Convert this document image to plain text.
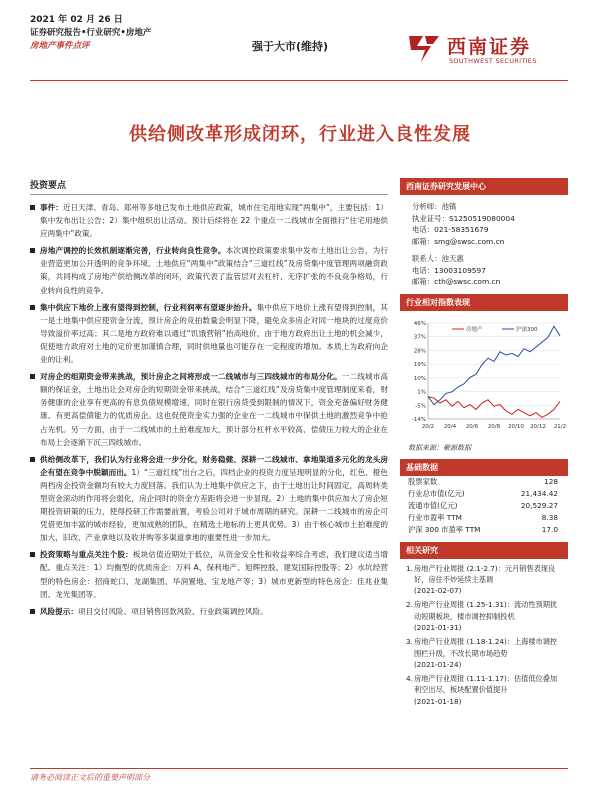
2021 年 02 月 26 日
证券研究报告•行业研究•房地产
房地产事件点评	强于大市(维持)	西南证券
SOUTHWEST SECURITIES
供给侧改革形成闭环，行业进入良性发展
投资要点
事件：近日天津、青岛、郑州等多地已发布土地供应政策，城市住宅用地实现“两集中”，主要包括：1）集中发布出让公告；2）集中组织出让活动。预计后续将在 22 个重点一二线城市全面推行“住宅用地供应两集中”政策。
房地产调控的长效机制逐渐完善，行业转向良性竞争。本次调控政策要求集中发布土地出让公告，为行业营造更加公开透明的竞争环境。土地供应“两集中”政策结合“三道红线”及房贷集中度管理两项融资政策，共同构成了房地产供给侧改革的闭环，政策代表了监管层对去杠杆、无序扩张的不良竞争格局，行业转向良性的竞争。
集中供应下地价上涨有望得到控制，行业利润率有望逐步抬升。集中供应下地价上涨有望得到控制，其一是土地集中供应使资金分流，预计房企的竞拍数量会明显下降，避免众多房企对同一地块的过度竞价导致溢价率过高；其二是地方政府难以通过“饥饿营销”抬高地价，由于地方政府出让土地的机会减少，促使地方政府对土地的定价更加谨慎合理，同时供地量也可能存在一定程度的增加。本质上为政府向企业的让利。
对房企的组期资金带来挑战，预计房企之间将形成一二线城市与三四线城市的布局分化。一二线城市高额的保证金，土地出让会对房企的短期资金带来挑战，结合“三道红线”及房贷集中度管理制度来看，财务健康的企业享有更高的有息负债规模增速，同时在银行房贷受到限制的情况下，资金充备偏好财务健康、有更高偿债能力的优质房企。这也促使资金实力强的企业在一二线城市中保供土地的激烈竞争中抢占先机。另一方面，由于一二线城市的土拍难度加大，预计部分杠杆水平较高、偿债压力较大的企业在布局上会逐渐下沉三四线城市。
供给侧改革下，我们认为行业将会进一步分化，财务稳健、深耕一二线城市、拿地渠道多元化的龙头房企有望在竞争中脱颖而出。1）“三道红线”出台之后，四档企业的投资力度呈现明显的分化，红色、橙色两档房企投资金额均有较大力度回落。我们认为土地集中供应之下，由于土地出让时间固定，高周转类型资金滚动的作用将会弱化，房企同时的资金方差距将会进一步显现。2）土地的集中供应加大了房企短期投资研策的压力，使得投研工作需要前置，考验公司对于城市周期的研究。深耕一二线城市的房企可凭借更加丰富的城市经验，更加成熟的团队，在精选土地标的上更具优势。3）由于核心城市土拍难度的加大，旧改、产业拿地以及收并购等多渠道拿地的重要性进一步加大。
投资策略与重点关注个股：板块估值近期处于低位，从资金安全性和收益率综合考虑，我们建议适当增配。重点关注：1）均衡型的优质房企：万科 A、保利地产、旭辉控股、建发国际控股等；2）水坑经营型的特色房企：招商蛇口、龙湖集团、华润置地、宝龙地产等；3）城市更新型的特色房企：佳兆业集团、龙光集团等。
风险提示：项目交付风险、项目销售回款风险、行业政策调控风险。
西南证券研究发展中心
分析师：池镇
执业证号：S1250519080004
电话：021-58351679
邮箱：smg@swsc.com.cn
联系人：池天惠
电话：13003109597
邮箱：cth@swsc.com.cn
行业相对指数表现
46%
37%
28%
19%
10%
1%
-5%
-14%
20/2 20/4 20/6 20/8 20/10 20/12 21/2
房地产	沪深300
数据来源：聚源数据
基础数据
股票家数	128
行业总市值(亿元)	21,434.42
流通市值(亿元)	20,529.27
行业市盈率 TTM	8.38
沪深 300 市盈率 TTM	17.0
相关研究
1. 房地产行业周报 (2.1-2.7)：元月销售表现良好，房住不炒延续主基调
(2021-02-07)
2. 房地产行业周报 (1.25-1.31)：流动性预期扰动短期板块，楼市调控抑制投机
(2021-01-31)
3. 房地产行业周报 (1.18-1.24)：上海楼市调控围栏升级，不改长期市场趋势
(2021-01-24)
4. 房地产行业周报 (1.11-1.17)：估值低位叠加利空出尽，板块配置价值提升
(2021-01-18)
请务必阅读正文后的重要声明部分
